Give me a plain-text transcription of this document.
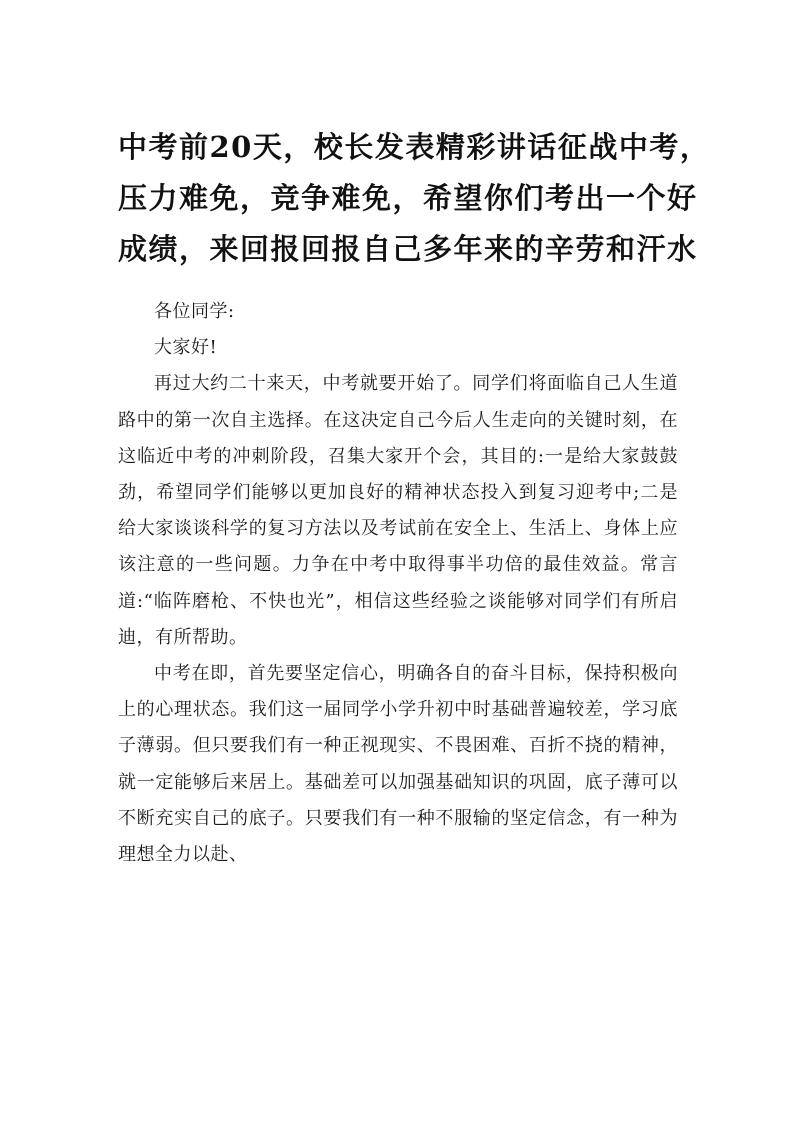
中考前20天，校长发表精彩讲话征战中考，
压力难免，竞争难免，希望你们考出一个好
成绩，来回报回报自己多年来的辛劳和汗水

各位同学:

大家好!

再过大约二十来天，中考就要开始了。同学们将面临自己人生道路中的第一次自主选择。在这决定自己今后人生走向的关键时刻，在这临近中考的冲刺阶段，召集大家开个会，其目的:一是给大家鼓鼓劲，希望同学们能够以更加良好的精神状态投入到复习迎考中;二是给大家谈谈科学的复习方法以及考试前在安全上、生活上、身体上应该注意的一些问题。力争在中考中取得事半功倍的最佳效益。常言道:“临阵磨枪、不快也光”，相信这些经验之谈能够对同学们有所启迪，有所帮助。

中考在即，首先要坚定信心，明确各自的奋斗目标，保持积极向上的心理状态。我们这一届同学小学升初中时基础普遍较差，学习底子薄弱。但只要我们有一种正视现实、不畏困难、百折不挠的精神，就一定能够后来居上。基础差可以加强基础知识的巩固，底子薄可以不断充实自己的底子。只要我们有一种不服输的坚定信念，有一种为理想全力以赴、
